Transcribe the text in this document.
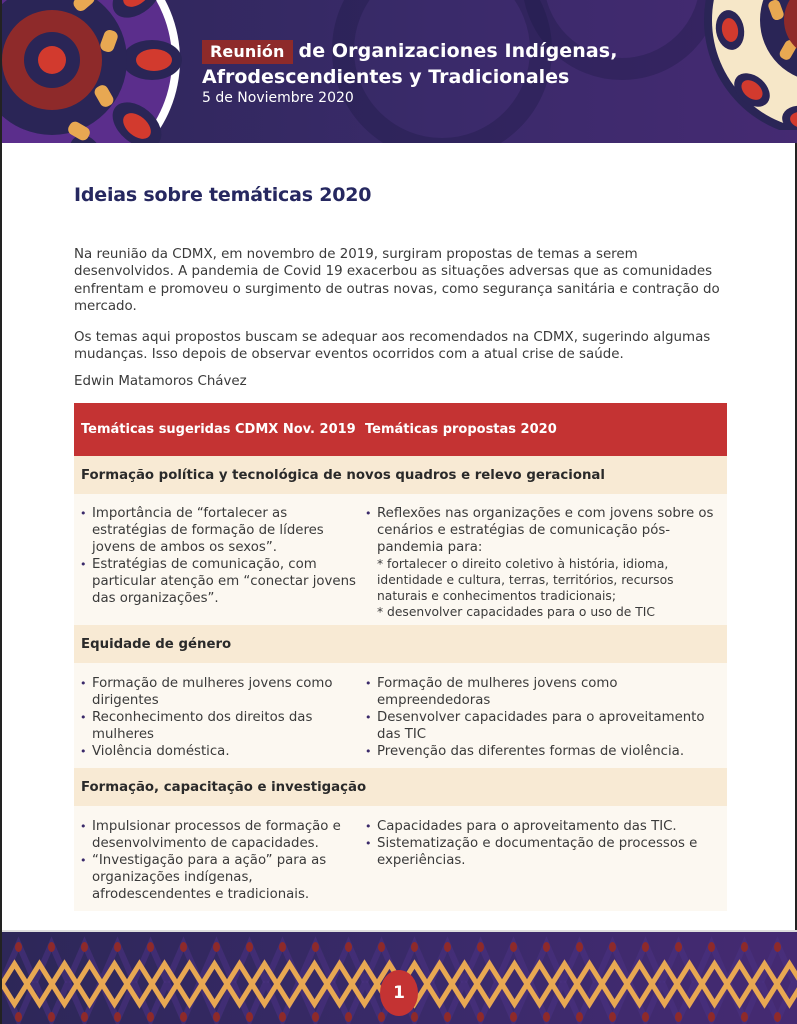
Reunión de Organizaciones Indígenas,
Afrodescendientes y Tradicionales
5 de Noviembre 2020
Ideias sobre temáticas 2020

Na reunião da CDMX, em novembro de 2019, surgiram propostas de temas a serem desenvolvidos. A pandemia de Covid 19 exacerbou as situações adversas que as comunidades enfrentam e promoveu o surgimento de outras novas, como segurança sanitária e contração do mercado.

Os temas aqui propostos buscam se adequar aos recomendados na CDMX, sugerindo algumas mudanças. Isso depois de observar eventos ocorridos com a atual crise de saúde.

Edwin Matamoros Chávez
Temáticas sugeridas CDMX Nov. 2019 Temáticas propostas 2020
Formação política y tecnológica de novos quadros e relevo geracional
• Importância de “fortalecer as estratégias de formação de líderes jovens de ambos os sexos”.
• Estratégias de comunicação, com particular atenção em “conectar jovens das organizações”.
• Reflexões nas organizações e com jovens sobre os cenários e estratégias de comunicação pós-pandemia para:
* fortalecer o direito coletivo à história, idioma, identidade e cultura, terras, territórios, recursos naturais e conhecimentos tradicionais;
* desenvolver capacidades para o uso de TIC
Equidade de género
• Formação de mulheres jovens como dirigentes
• Reconhecimento dos direitos das mulheres
• Violência doméstica.
• Formação de mulheres jovens como empreendedoras
• Desenvolver capacidades para o aproveitamento das TIC
• Prevenção das diferentes formas de violência.
Formação, capacitação e investigação
• Impulsionar processos de formação e desenvolvimento de capacidades.
• “Investigação para a ação” para as organizações indígenas, afrodescendentes e tradicionais.
• Capacidades para o aproveitamento das TIC.
• Sistematização e documentação de processos e experiências.
1
